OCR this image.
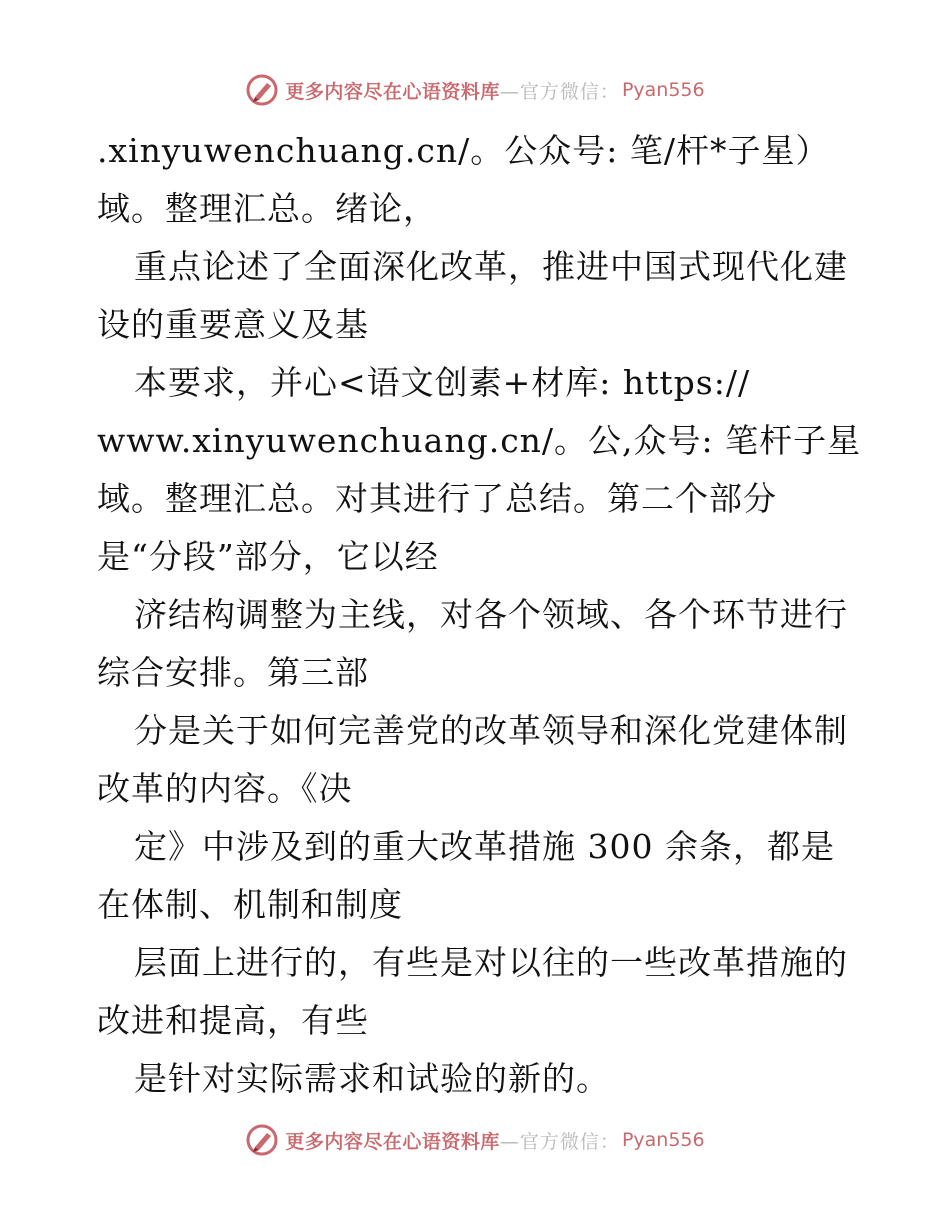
更多内容尽在心语资料库 —官方微信： Pyan556
.xinyuwenchuang.cn/。公众号: 笔/杆*子星）
域。整理汇总。绪论，
重点论述了全面深化改革，推进中国式现代化建
设的重要意义及基
本要求，并心<语文创素+材库: https://
www.xinyuwenchuang.cn/。公,众号: 笔杆子星
域。整理汇总。对其进行了总结。第二个部分
是“分段”部分，它以经
济结构调整为主线，对各个领域、各个环节进行
综合安排。第三部
分是关于如何完善党的改革领导和深化党建体制
改革的内容。《决
定》中涉及到的重大改革措施 300 余条，都是
在体制、机制和制度
层面上进行的，有些是对以往的一些改革措施的
改进和提高，有些
是针对实际需求和试验的新的。
更多内容尽在心语资料库 —官方微信： Pyan556
